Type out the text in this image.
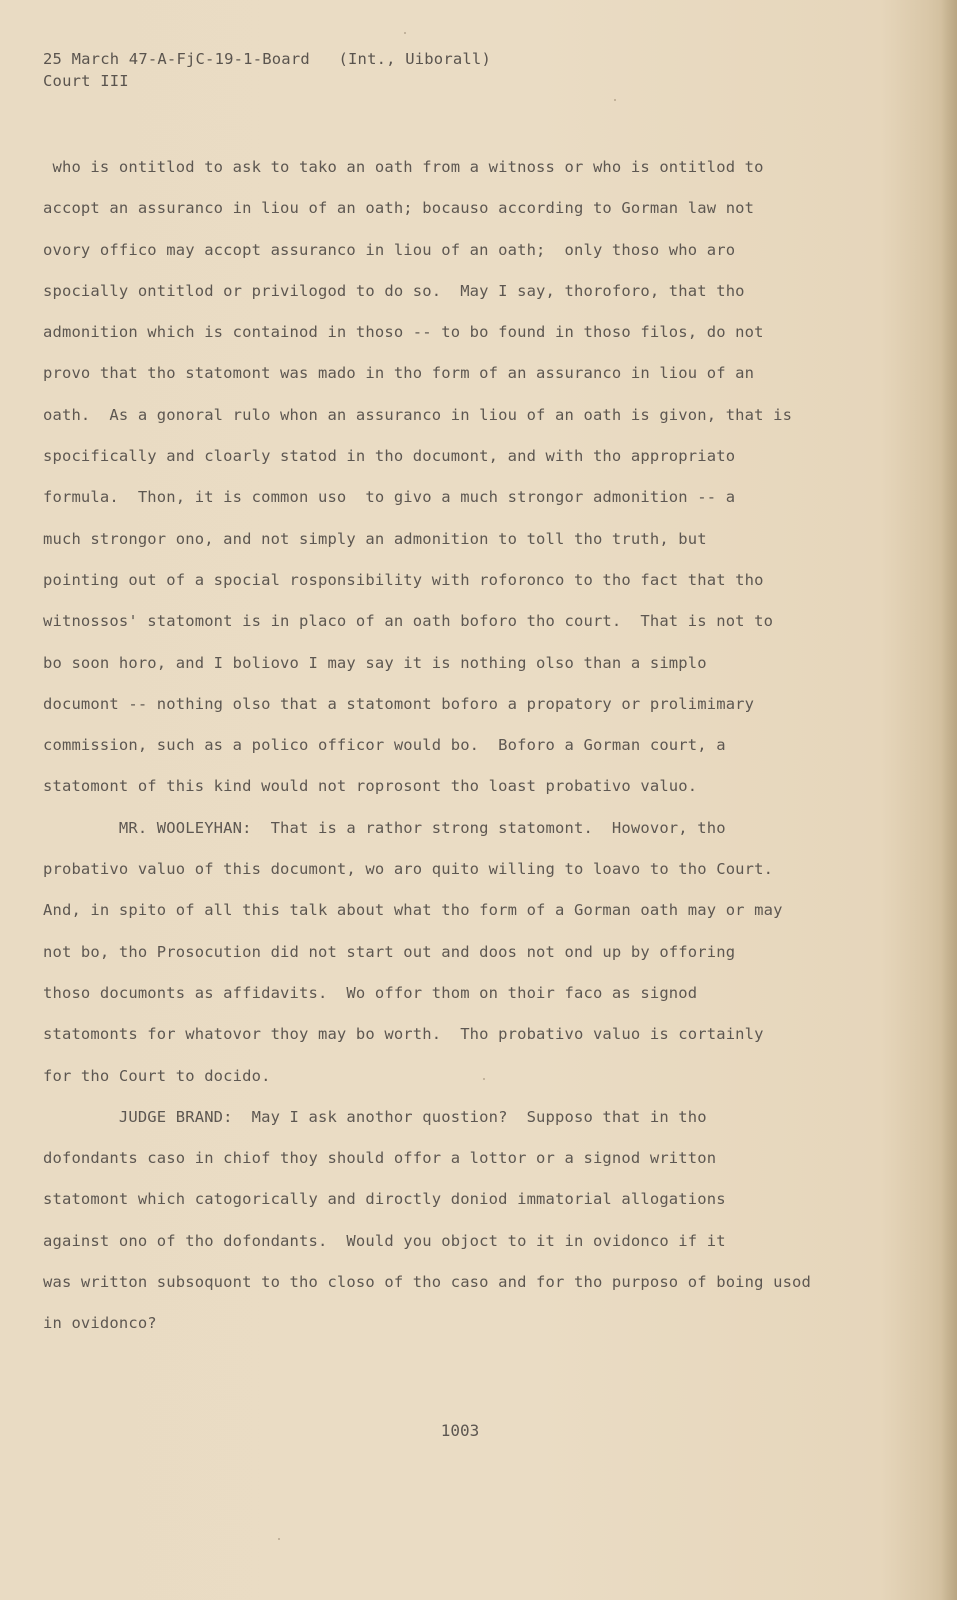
25 March 47-A-FjC-19-1-Board   (Int., Uiborall)
Court III
who is ontitlod to ask to tako an oath from a witnoss or who is ontitlod to
accopt an assuranco in liou of an oath; bocauso according to Gorman law not
ovory offico may accopt assuranco in liou of an oath;  only thoso who aro
spocially ontitlod or privilogod to do so.  May I say, thoroforo, that tho
admonition which is containod in thoso -- to bo found in thoso filos, do not
provo that tho statomont was mado in tho form of an assuranco in liou of an
oath.  As a gonoral rulo whon an assuranco in liou of an oath is givon, that is
spocifically and cloarly statod in tho documont, and with tho appropriato
formula.  Thon, it is common uso  to givo a much strongor admonition -- a
much strongor ono, and not simply an admonition to toll tho truth, but
pointing out of a spocial rosponsibility with roforonco to tho fact that tho
witnossos' statomont is in placo of an oath boforo tho court.  That is not to
bo soon horo, and I boliovo I may say it is nothing olso than a simplo
documont -- nothing olso that a statomont boforo a propatory or prolimimary
commission, such as a polico officor would bo.  Boforo a Gorman court, a
statomont of this kind would not roprosont tho loast probativo valuo.
MR. WOOLEYHAN:  That is a rathor strong statomont.  Howovor, tho
probativo valuo of this documont, wo aro quito willing to loavo to tho Court.
And, in spito of all this talk about what tho form of a Gorman oath may or may
not bo, tho Prosocution did not start out and doos not ond up by offoring
thoso documonts as affidavits.  Wo offor thom on thoir faco as signod
statomonts for whatovor thoy may bo worth.  Tho probativo valuo is cortainly
for tho Court to docido.
JUDGE BRAND:  May I ask anothor quostion?  Supposo that in tho
dofondants caso in chiof thoy should offor a lottor or a signod writton
statomont which catogorically and diroctly doniod immatorial allogations
against ono of tho dofondants.  Would you objoct to it in ovidonco if it
was writton subsoquont to tho closo of tho caso and for tho purposo of boing usod
in ovidonco?
1003
